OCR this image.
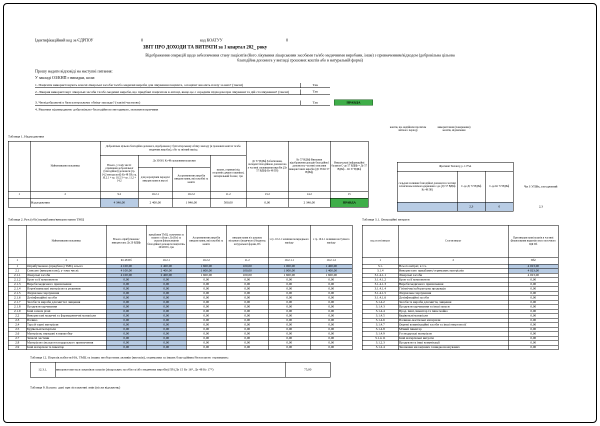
Ідентифікаційний код за ЄДРПОУ	0	код КОАТУУ	0
ЗВІТ ПРО ДОХОДИ ТА ВИТРАТИ за 1 квартал 202_ року
Відображення операцій щодо забезпечення стану пацієнтів (його лікування лікарськими засобами та/або медичними виробами, інше) з призначенням/відходом (добровільна цільова
благодійна допомога у вигляді грошових коштів або в натуральній формі)
Прошу надати відповіді на наступні питання:
У закладі ОЗ/КНП є випадки, коли:
1. Пацієнти використовують власні лікарські засоби та/або медичні вироби для лікування пацієнта, а пацієнт вносить плату за них? (так/ні)	Так
2. Лікарня використовує лікарські засоби та/або медичні вироби, що придбані пацієнтом в аптеці, якщо це є середнім підходом при лікуванні та дій столікування? (так/ні)	Так
3. Чи відображені у бухгалтерському обліку закладу? (так/ні/частково)	Так	ПРАВДА
4. Рішення підтверджено добровільно-благодійною методикою, пояснити причини
Таблиця 1. Надходження
	Найменування показника	Добровільна цільова благодійна допомога, відображена у бухгалтерському обліку закладу (в грошових коштах та/або медичних виробах), обіг за звітний період				Дт 57 ВДБф Зобов'язання, складені благодійною допомогою у частині споживання виробів (Дт 57 ВДБф Кт 48 Пб)	Кт 57 ВДБф Визнання відображення доходів благодійної допомоги у частині списання використаних виробів (Дт 58 Кт 57 ВДБф)	Витрачальні інформаційні баланси С-до 57 ВДБф = Дт 57 ВДБф − Кт 57 ВДБф
		Всього, у тому числі: отримання добровільної (благодійної) допомоги (гр. 14.2 методології) Кт 48 Пб; гр. 10.2.1 + гр. 10.2.3 + гр. 11.2 + 14.2	Дт 30/301 Кт 48 грошовими коштами		кошти, отримані від сторонніх джерел закупівлі, матеріальний баланс, грн			
			для розрахунків передачі використання в якості	Асортиментних виробів використання, які потрібні за кошти				
1	2	9.2	10.2.1	10.2.2	11.2	13.2	14.2	15
	Надходження	4 346,00	2 400,00	1 946,00	500,00	0,00	2 346,00	ПРАВДА
кошти, що надійшли протягом звітного періоду
використання (повернення) коштів, відхилення
Фрагмент Балансу, р. 1175А			
сальдові залишки благодійної допомоги в частині зобов'язань шляхом одержання с-до (Дт 57 ВДБф Кт 48 Пб)	С-до Дт 57 ВДБф	С-до Кт 57 ВДБф	Чи З УПВх, узгоджений
	2,3	0	2,3
Таблиця 2. Рух (обіг) придбання/використання ТМЦ
	Найменування показника	Всього оприбутковано/використано Дт 20 ВДБф	придбання ТМЦ, сплачених за кошти з «Благ» Дт (Кт) за «кошти фінансування благодійної допомоги пацієнтів» 20/48 Пб, грн	Асортиментних виробів використання, які потрібні за кошти	використання в/з рахунок місцевого (медичного) бюджету, натуральної форми, Пб	з гр. 10.2.1 залишки попереднього періоду	з гр. 10.2.1 залишки наступного періоду
1	2	Кт 48 Пб	10.2.1	10.2.2	11.2	10.2.1.1	10.2.1.2
1	Оприбутковано (придбано) ТМЦ, всього	4 100,00	2 400,00	1 600,00	100,00	1 000,00	1 400,00
2.1	Списано (використано), у тому числі:	4 100,00	2 400,00	1 600,00	100,00	1 000,00	1 400,00
2.1.1	Лікарські засоби	4 100,00	2 400,00	1 600,00	100,00	1 600,00	1 600,00
2.1.2	Кров та її компоненти	0,00	0,00	0,00	0,00	0,00	0,00
2.1.3	Вироби медичного призначення	0,00	0,00	0,00	0,00	0,00	0,00
2.1.4	Перев'язувальні матеріали та реактиви	0,00	0,00	0,00	0,00	0,00	0,00
2.1.5	Лікувальне харчування	0,00	0,00	0,00	0,00	0,00	0,00
2.1.6	Дезінфекційні засоби	0,00	0,00	0,00	0,00	0,00	0,00
2.1.7	Засоби та вироби для миття і чищення	0,00	0,00	0,00	0,00	0,00	0,00
2.1.8	Продукти харчування	0,00	0,00	0,00	0,00	0,00	0,00
2.1.9	Інші запаси різні	0,00	0,00	0,00	0,00	0,00	0,00
2.2	Використані медичні та фармацевтичні матеріали	0,00	0,00	0,00	0,00	0,00	0,00
2.3	Паливо	0,00	0,00	0,00	0,00	0,00	0,00
2.4	Тара й тарні матеріали	0,00	0,00	0,00	0,00	0,00	0,00
2.5	Будівельні матеріали	0,00	0,00	0,00	0,00	0,00	0,00
2.6	Матеріали, передані в переробку	0,00	0,00	0,00	0,00	0,00	0,00
2.7	Запасні частини	0,00	0,00	0,00	0,00	0,00	0,00
2.8	Матеріали сільськогосподарського призначення	0,00	0,00	0,00	0,00	0,00	0,00
2.9	Інші матеріали та інвентар	0,00	0,00	0,00	0,00	0,00	0,00
Таблиця 3.1. Операційні витрати
код статті витрат	Стаття витрат	При використанні коштів в частині фінансування видатків свого поточного ЦФ Пб
1	2	Пб2
3.1.	Всього витрат, в т.ч.	4 023,00
3.1.4	Використано придбаних/отриманих матеріалів	4 023,00
3.1.4.1.1	Лікарські засоби	4 023,00
3.1.4.1.2	Кров та її компоненти	0,00
3.1.4.1.3	Вироби медичного призначення	0,00
3.1.4.1.4	Гігієнічна/лабораторна продукція	0,00
3.1.4.1.5	Лікувальне харчування	0,00
3.1.4.1.6	Дезінфекційні засоби	0,00
3.1.4.2	Засоби та вироби для миття, чищення	0,00
3.1.4.3	Продукти харчування та інші запаси	0,00
3.1.4.4	Прод. інші, інвентар та інше майно	0,00
3.1.4.5	Будівельні матеріали	0,00
3.1.4.6	Паливно-мастильні матеріали	0,00
3.1.4.7	Окремі комунікаційні засоби та інші енергоносії	0,00
3.1.4.8	М'який інвентар	0,00
3.1.4.9	Господарські матеріали	0,00
3.1.4.11	Інші матеріальні витрати	0,00
3.1.2.3	Продукти та інші комунікації	0,00
3.1.2.4	Зношення малоцінних і швидкозношуваних	0,00
Таблиця 12. Перелік набуття НА, ТМЦ та інших необоротних активів (внесків), отриманих за інших благодійних/безоплатно отриманих:
12.3.1.	використовується закупівля запасів (лікарських засобів та/або медичних виробів) Пб (Дт 15 Кт 16*, Дт 48 Кт 17*)	75,00
Таблиця 9. Баланс: дані при зіставленні змін (після відхилень)
